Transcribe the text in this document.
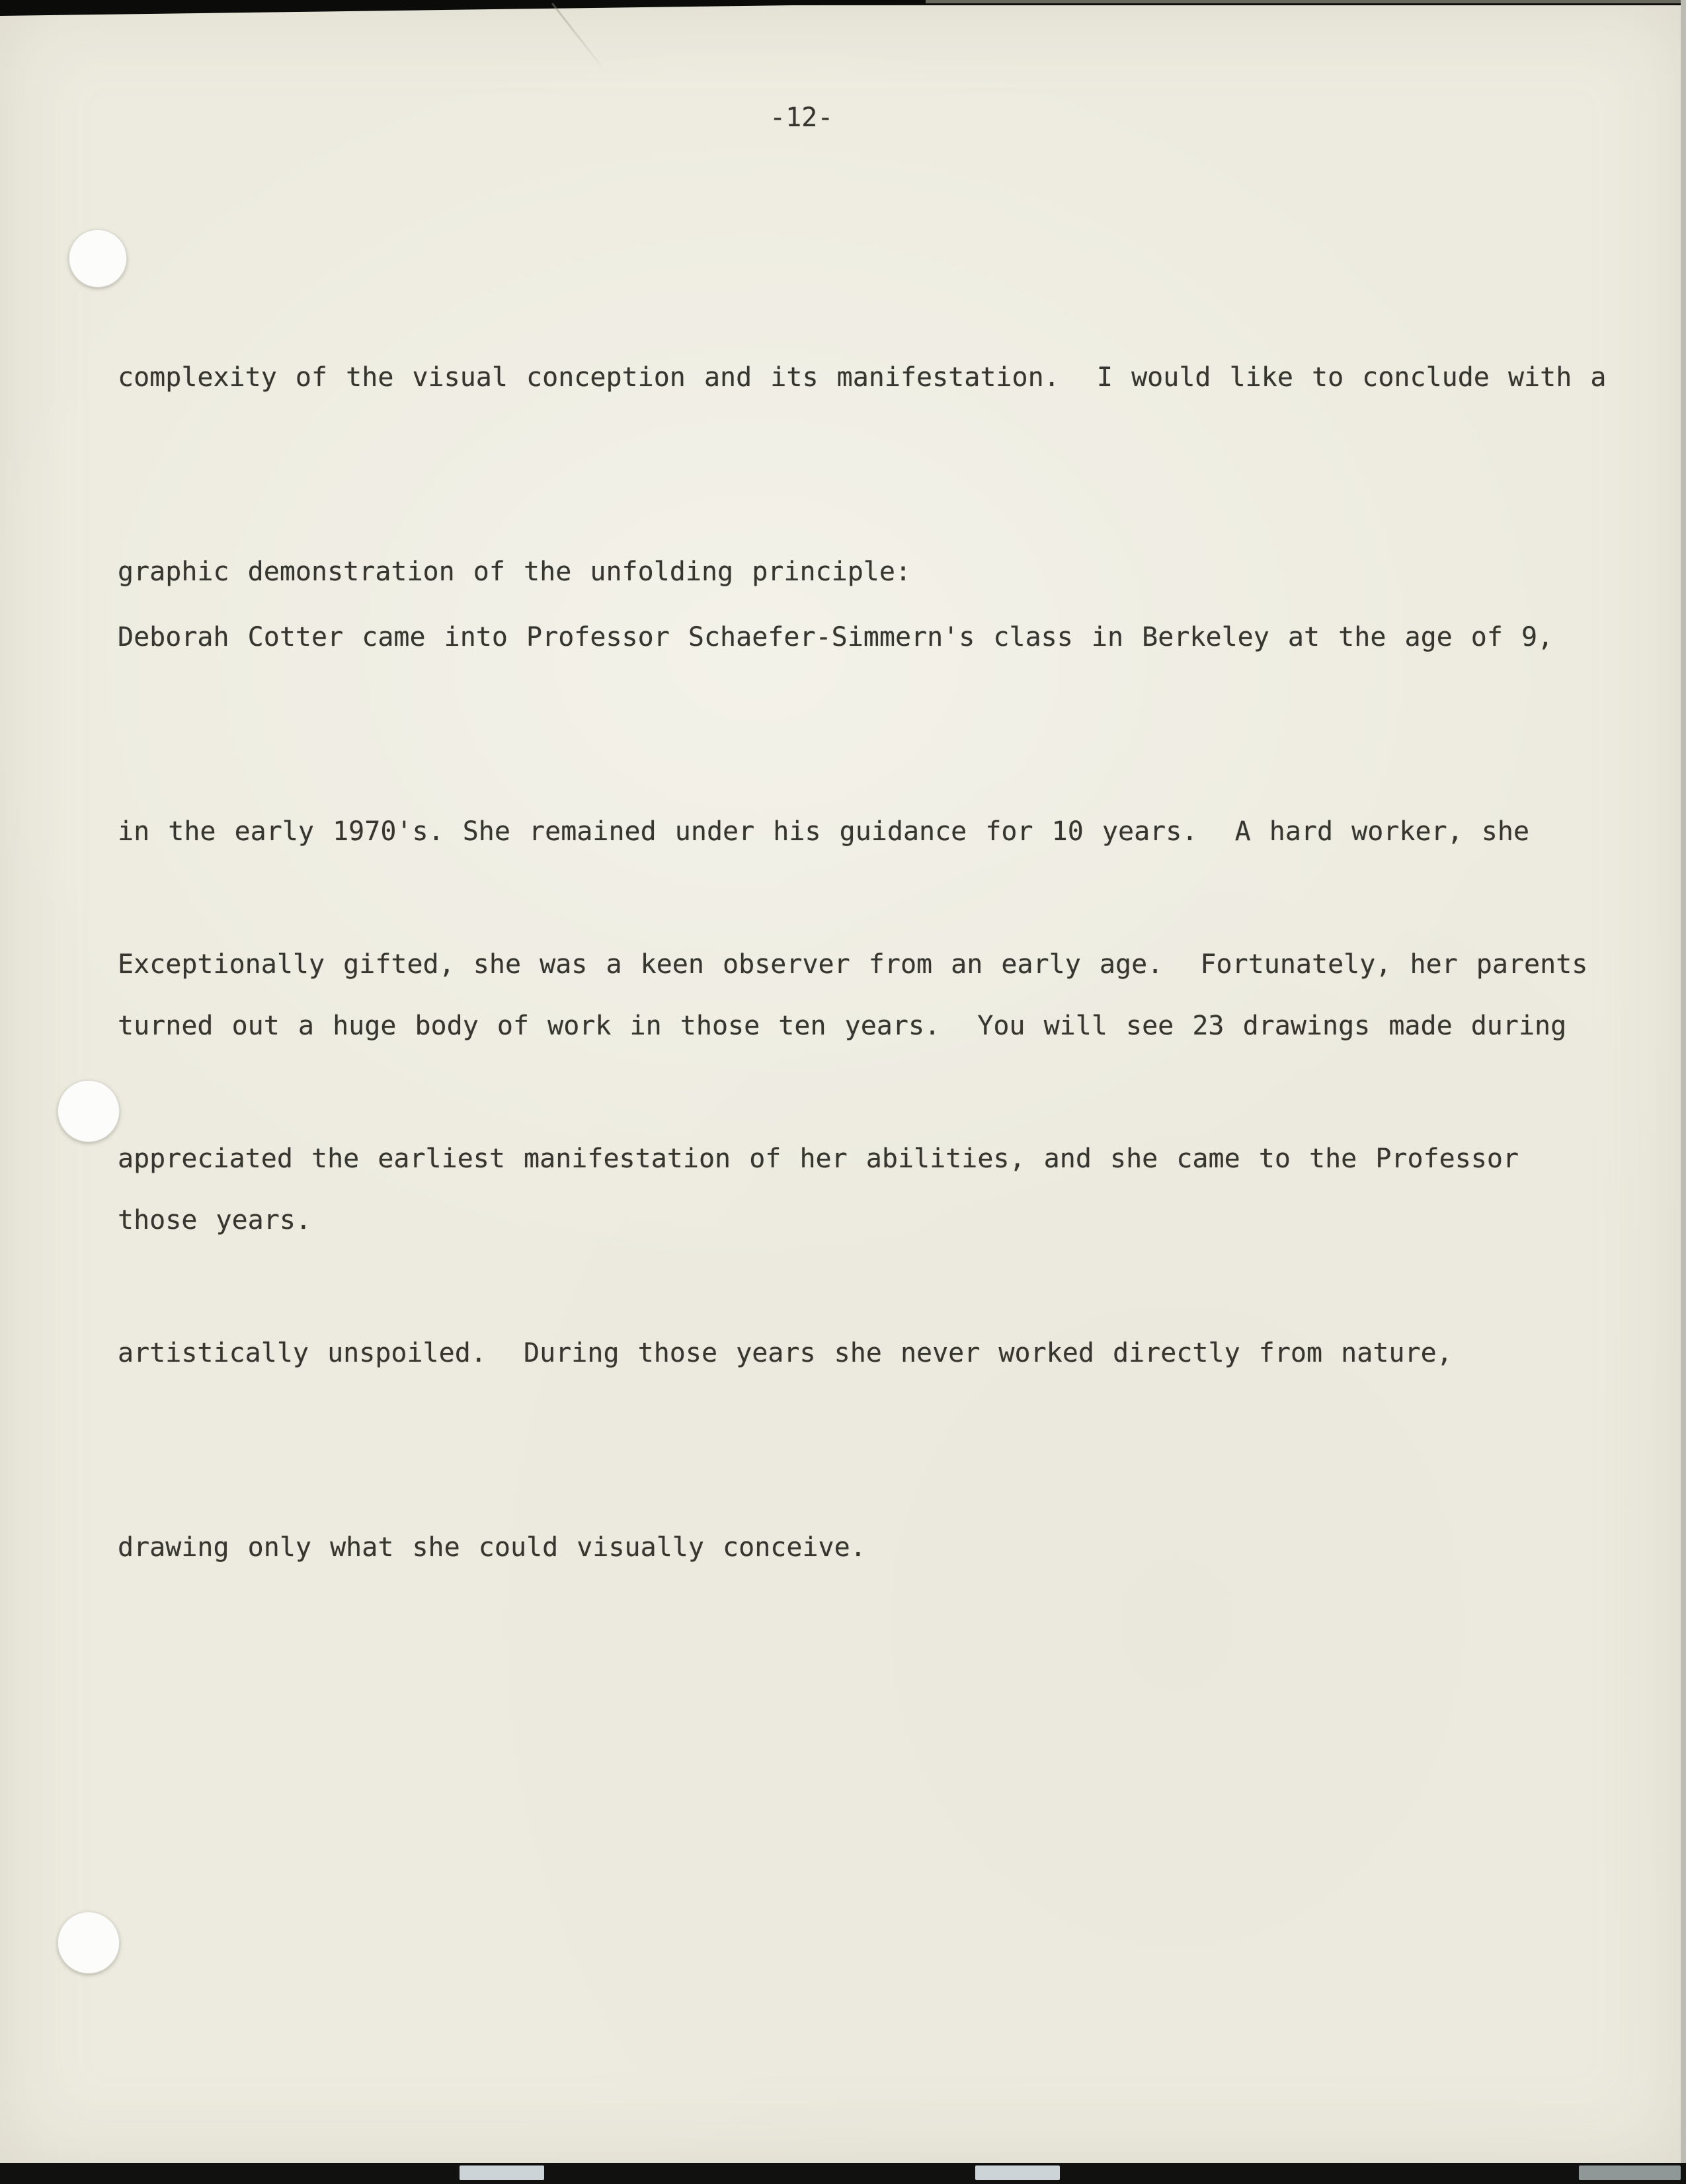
-12-

complexity of the visual conception and its manifestation.  I would like to conclude with a

graphic demonstration of the unfolding principle:

Deborah Cotter came into Professor Schaefer-Simmern's class in Berkeley at the age of 9,

in the early 1970's. She remained under his guidance for 10 years.  A hard worker, she

turned out a huge body of work in those ten years.  You will see 23 drawings made during

those years.

Exceptionally gifted, she was a keen observer from an early age.  Fortunately, her parents

appreciated the earliest manifestation of her abilities, and she came to the Professor

artistically unspoiled.  During those years she never worked directly from nature,

drawing only what she could visually conceive.
